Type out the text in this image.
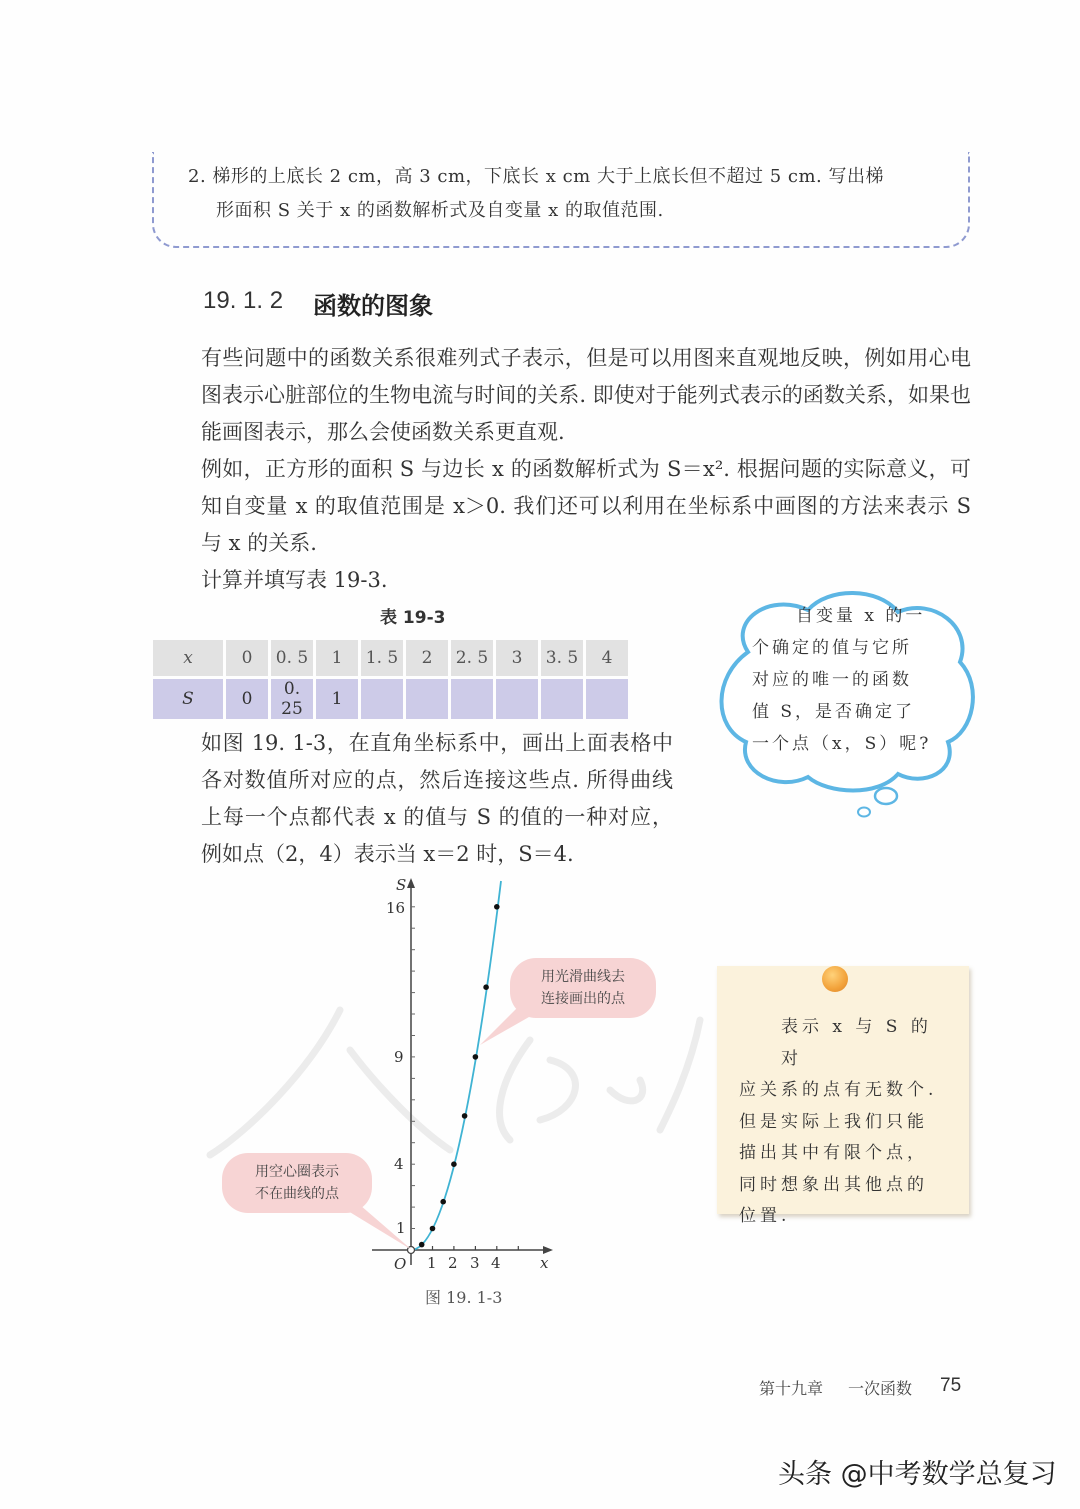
2. 梯形的上底长 2 cm，高 3 cm，下底长 x cm 大于上底长但不超过 5 cm. 写出梯
形面积 S 关于 x 的函数解析式及自变量 x 的取值范围.
19. 1. 2 函数的图象
有些问题中的函数关系很难列式子表示，但是可以用图来直观地反映，例如用心电图表示心脏部位的生物电流与时间的关系. 即使对于能列式表示的函数关系，如果也能画图表示，那么会使函数关系更直观.
例如，正方形的面积 S 与边长 x 的函数解析式为 S＝x². 根据问题的实际意义，可知自变量 x 的取值范围是 x＞0. 我们还可以利用在坐标系中画图的方法来表示 S 与 x 的关系.
计算并填写表 19-3.
表 19-3
x	0	0. 5	1	1. 5	2	2. 5	3	3. 5	4
S	0	0. 25	1						
自变量 x 的一
个确定的值与它所
对应的唯一的函数
值 S，是否确定了
一个点（x，S）呢?
如图 19. 1-3，在直角坐标系中，画出上面表格中各对数值所对应的点，然后连接这些点. 所得曲线上每一个点都代表 x 的值与 S 的值的一种对应，例如点（2，4）表示当 x＝2 时，S＝4.
S
16
9
4
1
O 1 2 3 4	x
用光滑曲线去
连接画出的点
用空心圈表示
不在曲线的点
图 19. 1-3
表示 x 与 S 的对
应关系的点有无数个.
但是实际上我们只能
描出其中有限个点，
同时想象出其他点的
位置.
第十九章 一次函数 75
头条 @中考数学总复习
